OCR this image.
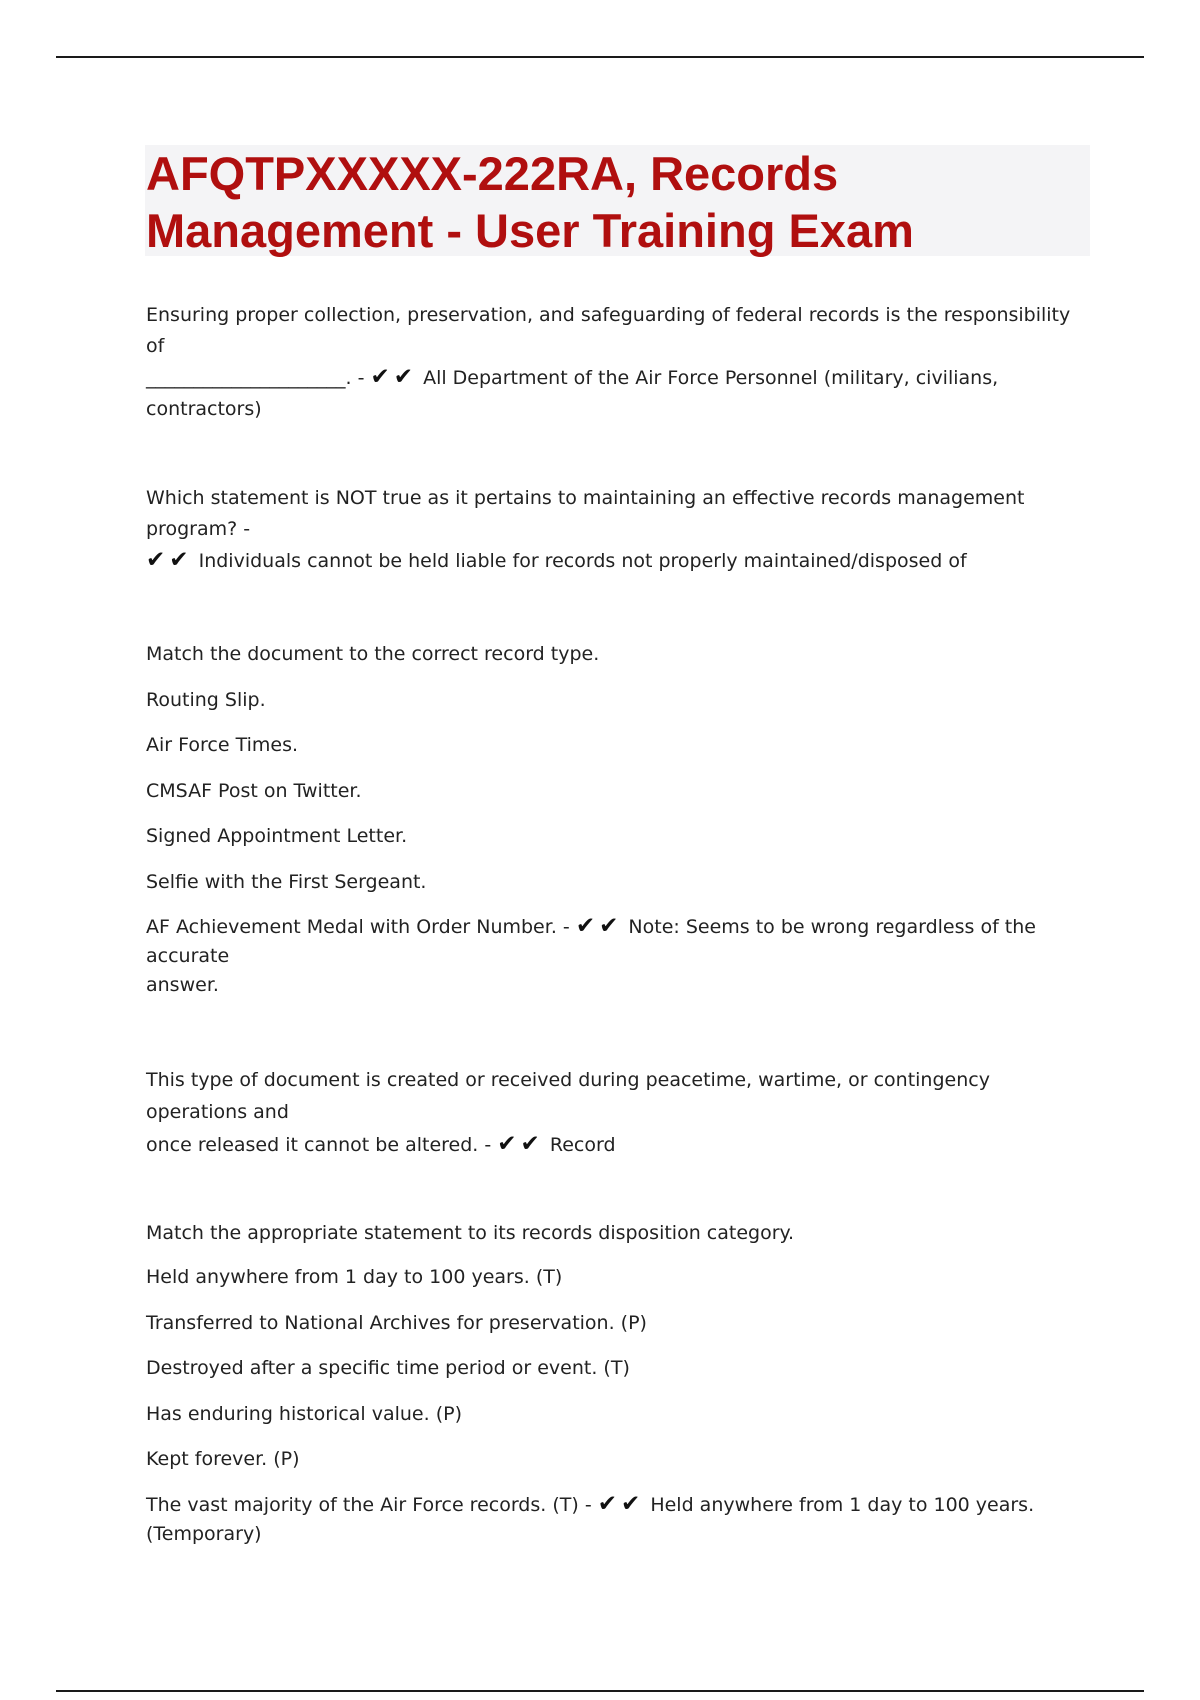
AFQTPXXXXX-222RA, Records
Management - User Training Exam

Ensuring proper collection, preservation, and safeguarding of federal records is the responsibility of
_____________________. - ✔✔ All Department of the Air Force Personnel (military, civilians,
contractors)

Which statement is NOT true as it pertains to maintaining an effective records management program? -
✔✔ Individuals cannot be held liable for records not properly maintained/disposed of

Match the document to the correct record type.

Routing Slip.

Air Force Times.

CMSAF Post on Twitter.

Signed Appointment Letter.

Selfie with the First Sergeant.

AF Achievement Medal with Order Number. - ✔✔ Note: Seems to be wrong regardless of the accurate
answer.

This type of document is created or received during peacetime, wartime, or contingency operations and
once released it cannot be altered. - ✔✔ Record

Match the appropriate statement to its records disposition category.

Held anywhere from 1 day to 100 years. (T)

Transferred to National Archives for preservation. (P)

Destroyed after a specific time period or event. (T)

Has enduring historical value. (P)

Kept forever. (P)

The vast majority of the Air Force records. (T) - ✔✔ Held anywhere from 1 day to 100 years.
(Temporary)
